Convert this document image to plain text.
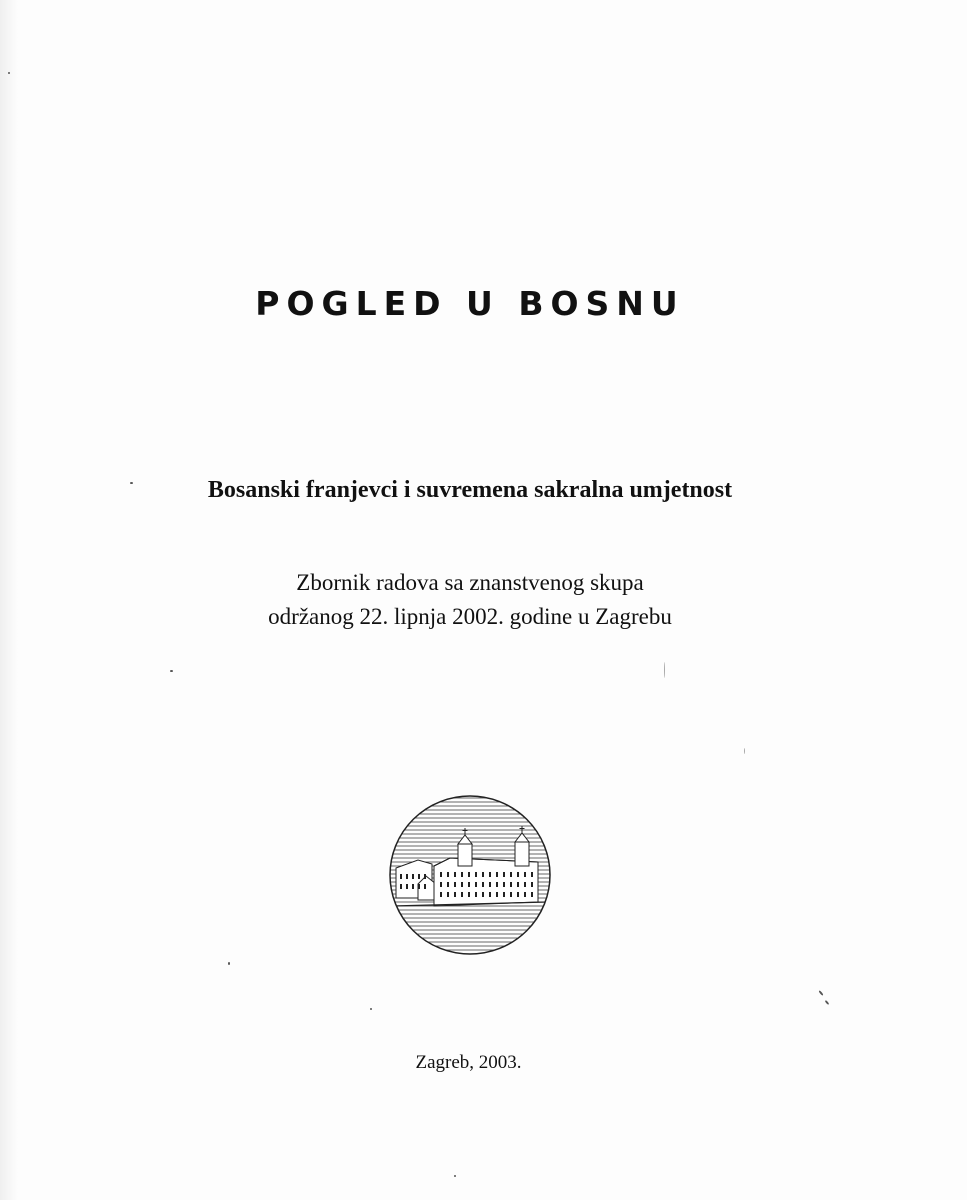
POGLED U BOSNU
Bosanski franjevci i suvremena sakralna umjetnost
Zbornik radova sa znanstvenog skupa
održanog 22. lipnja 2002. godine u Zagrebu
Zagreb, 2003.
